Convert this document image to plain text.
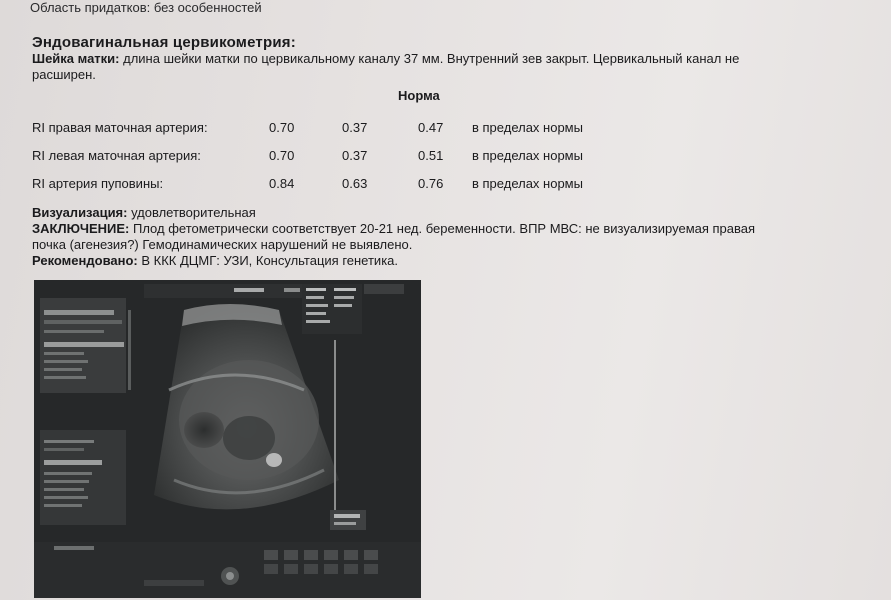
Область придатков: без особенностей
Эндовагинальная цервикометрия:
Шейка матки: длина шейки матки по цервикальному каналу 37 мм. Внутренний зев закрыт. Цервикальный канал не расширен.
Норма
RI правая маточная артерия:	0.70	0.37	0.47 в пределах нормы
RI левая маточная артерия:	0.70	0.37	0.51 в пределах нормы
RI артерия пуповины:	0.84	0.63	0.76 в пределах нормы
Визуализация: удовлетворительная
ЗАКЛЮЧЕНИЕ: Плод фетометрически соответствует 20-21 нед. беременности. ВПР МВС: не визуализируемая правая
почка (агенезия?) Гемодинамических нарушений не выявлено.
Рекомендовано: В ККК ДЦМГ: УЗИ, Консультация генетика.
